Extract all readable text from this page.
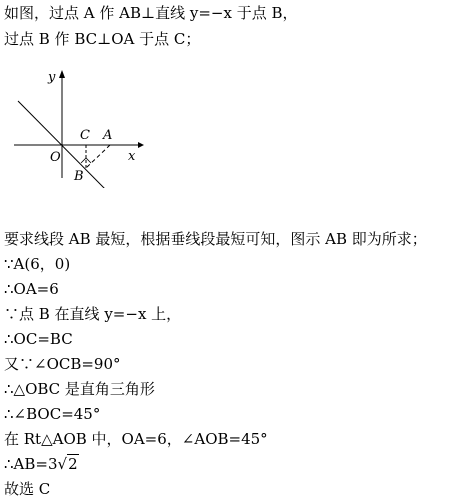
如图，过点 A 作 AB⊥直线 y=−x 于点 B，
过点 B 作 BC⊥OA 于点 C；
y
x
O
C A
B
要求线段 AB 最短，根据垂线段最短可知，图示 AB 即为所求；
∵A(6，0)
∴OA=6
∵点 B 在直线 y=−x 上，
∴OC=BC
又∵∠OCB=90°
∴△OBC 是直角三角形
∴∠BOC=45°
在 Rt△AOB 中，OA=6，∠AOB=45°
∴AB=3√2
故选 C
